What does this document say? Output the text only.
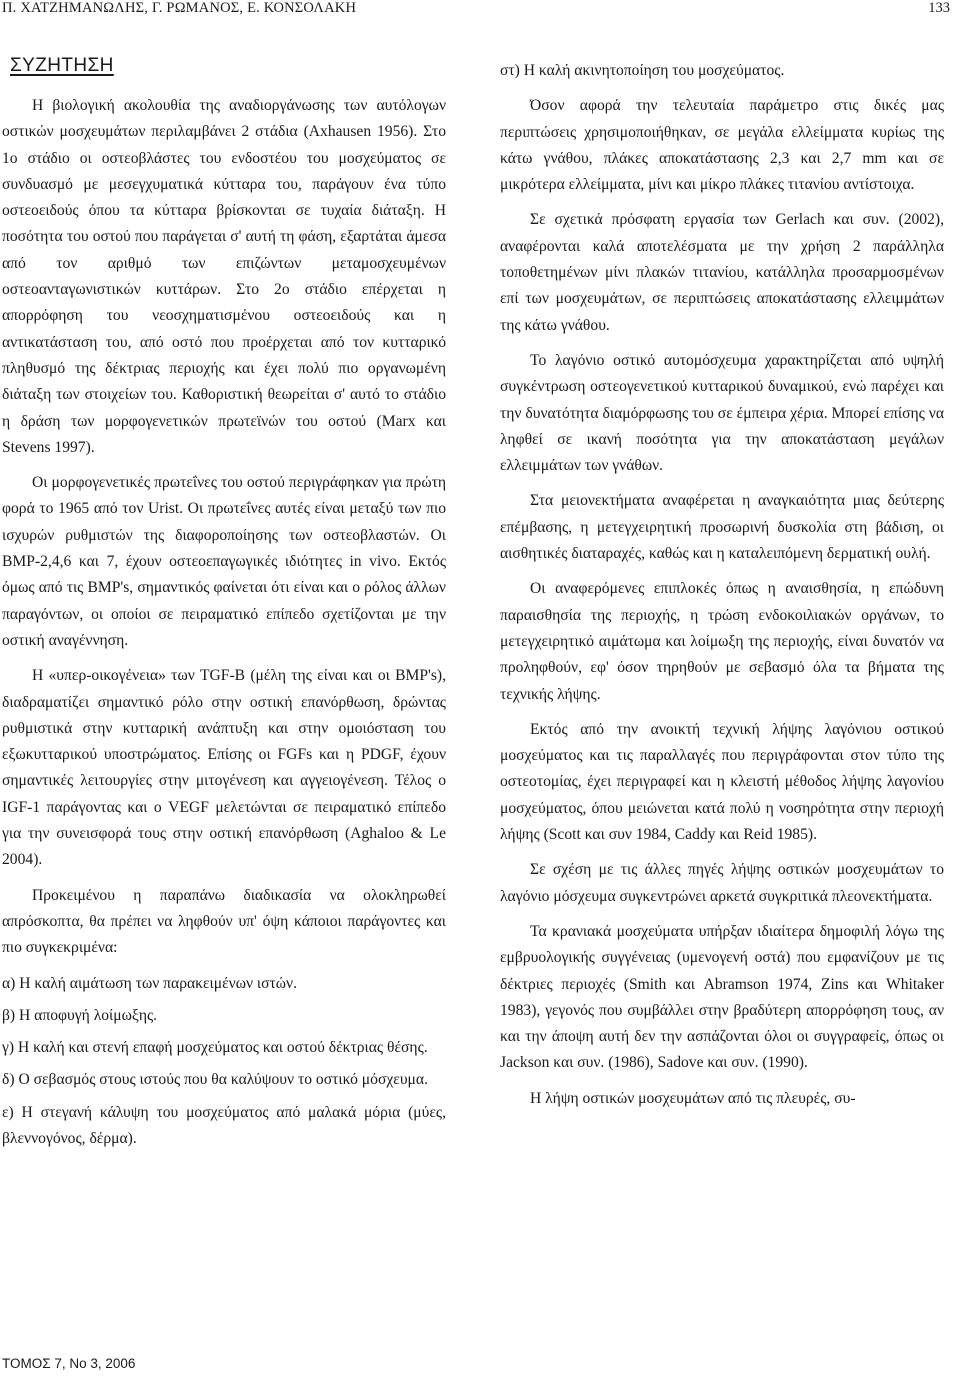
Π. ΧΑΤΖΗΜΑΝΩΛΗΣ, Γ. ΡΩΜΑΝΟΣ, Ε. ΚΟΝΣΟΛΑΚΗ	133
ΣΥΖΗΤΗΣΗ

Η βιολογική ακολουθία της αναδιοργάνωσης των αυτόλογων οστικών μοσχευμάτων περιλαμβάνει 2 στάδια (Axhausen 1956). Στο 1ο στάδιο οι οστεοβλάστες του ενδοστέου του μοσχεύματος σε συνδυασμό με μεσεγχυματικά κύτταρα του, παράγουν ένα τύπο οστεοειδούς όπου τα κύτταρα βρίσκονται σε τυχαία διάταξη. Η ποσότητα του οστού που παράγεται σ' αυτή τη φάση, εξαρτάται άμεσα από τον αριθμό των επιζώντων μεταμοσχευμένων οστεοανταγωνιστικών κυττάρων. Στο 2ο στάδιο επέρχεται η απορρόφηση του νεοσχηματισμένου οστεοειδούς και η αντικατάσταση του, από οστό που προέρχεται από τον κυτταρικό πληθυσμό της δέκτριας περιοχής και έχει πολύ πιο οργανωμένη διάταξη των στοιχείων του. Καθοριστική θεωρείται σ' αυτό το στάδιο η δράση των μορφογενετικών πρωτεϊνών του οστού (Marx και Stevens 1997).

Οι μορφογενετικές πρωτεΐνες του οστού περιγράφηκαν για πρώτη φορά το 1965 από τον Urist. Οι πρωτεΐνες αυτές είναι μεταξύ των πιο ισχυρών ρυθμιστών της διαφοροποίησης των οστεοβλαστών. Οι BMP-2,4,6 και 7, έχουν οστεοεπαγωγικές ιδιότητες in vivo. Εκτός όμως από τις BMP's, σημαντικός φαίνεται ότι είναι και ο ρόλος άλλων παραγόντων, οι οποίοι σε πειραματικό επίπεδο σχετίζονται με την οστική αναγέννηση.

Η «υπερ-οικογένεια» των TGF-B (μέλη της είναι και οι BMP's), διαδραματίζει σημαντικό ρόλο στην οστική επανόρθωση, δρώντας ρυθμιστικά στην κυτταρική ανάπτυξη και στην ομοιόσταση του εξωκυτταρικού υποστρώματος. Επίσης οι FGFs και η PDGF, έχουν σημαντικές λειτουργίες στην μιτογένεση και αγγειογένεση. Τέλος ο IGF-1 παράγοντας και ο VEGF μελετώνται σε πειραματικό επίπεδο για την συνεισφορά τους στην οστική επανόρθωση (Aghaloo & Le 2004).

Προκειμένου η παραπάνω διαδικασία να ολοκληρωθεί απρόσκοπτα, θα πρέπει να ληφθούν υπ' όψη κάποιοι παράγοντες και πιο συγκεκριμένα:

α) Η καλή αιμάτωση των παρακειμένων ιστών.

β) Η αποφυγή λοίμωξης.

γ) Η καλή και στενή επαφή μοσχεύματος και οστού δέκτριας θέσης.

δ) Ο σεβασμός στους ιστούς που θα καλύψουν το οστικό μόσχευμα.

ε) Η στεγανή κάλυψη του μοσχεύματος από μαλακά μόρια (μύες, βλεννογόνος, δέρμα).

στ) Η καλή ακινητοποίηση του μοσχεύματος.

Όσον αφορά την τελευταία παράμετρο στις δικές μας περιπτώσεις χρησιμοποιήθηκαν, σε μεγάλα ελλείμματα κυρίως της κάτω γνάθου, πλάκες αποκατάστασης 2,3 και 2,7 mm και σε μικρότερα ελλείμματα, μίνι και μίκρο πλάκες τιτανίου αντίστοιχα.

Σε σχετικά πρόσφατη εργασία των Gerlach και συν. (2002), αναφέρονται καλά αποτελέσματα με την χρήση 2 παράλληλα τοποθετημένων μίνι πλακών τιτανίου, κατάλληλα προσαρμοσμένων επί των μοσχευμάτων, σε περιπτώσεις αποκατάστασης ελλειμμάτων της κάτω γνάθου.

Το λαγόνιο οστικό αυτομόσχευμα χαρακτηρίζεται από υψηλή συγκέντρωση οστεογενετικού κυτταρικού δυναμικού, ενώ παρέχει και την δυνατότητα διαμόρφωσης του σε έμπειρα χέρια. Μπορεί επίσης να ληφθεί σε ικανή ποσότητα για την αποκατάσταση μεγάλων ελλειμμάτων των γνάθων.

Στα μειονεκτήματα αναφέρεται η αναγκαιότητα μιας δεύτερης επέμβασης, η μετεγχειρητική προσωρινή δυσκολία στη βάδιση, οι αισθητικές διαταραχές, καθώς και η καταλειπόμενη δερματική ουλή.

Οι αναφερόμενες επιπλοκές όπως η αναισθησία, η επώδυνη παραισθησία της περιοχής, η τρώση ενδοκοιλιακών οργάνων, το μετεγχειρητικό αιμάτωμα και λοίμωξη της περιοχής, είναι δυνατόν να προληφθούν, εφ' όσον τηρηθούν με σεβασμό όλα τα βήματα της τεχνικής λήψης.

Εκτός από την ανοικτή τεχνική λήψης λαγόνιου οστικού μοσχεύματος και τις παραλλαγές που περιγράφονται στον τύπο της οστεοτομίας, έχει περιγραφεί και η κλειστή μέθοδος λήψης λαγονίου μοσχεύματος, όπου μειώνεται κατά πολύ η νοσηρότητα στην περιοχή λήψης (Scott και συν 1984, Caddy και Reid 1985).

Σε σχέση με τις άλλες πηγές λήψης οστικών μοσχευμάτων το λαγόνιο μόσχευμα συγκεντρώνει αρκετά συγκριτικά πλεονεκτήματα.

Τα κρανιακά μοσχεύματα υπήρξαν ιδιαίτερα δημοφιλή λόγω της εμβρυολογικής συγγένειας (υμενογενή οστά) που εμφανίζουν με τις δέκτριες περιοχές (Smith και Abramson 1974, Zins και Whitaker 1983), γεγονός που συμβάλλει στην βραδύτερη απορρόφηση τους, αν και την άποψη αυτή δεν την ασπάζονται όλοι οι συγγραφείς, όπως οι Jackson και συν. (1986), Sadove και συν. (1990).

Η λήψη οστικών μοσχευμάτων από τις πλευρές, συ-

ΤΟΜΟΣ 7, Νο 3, 2006
